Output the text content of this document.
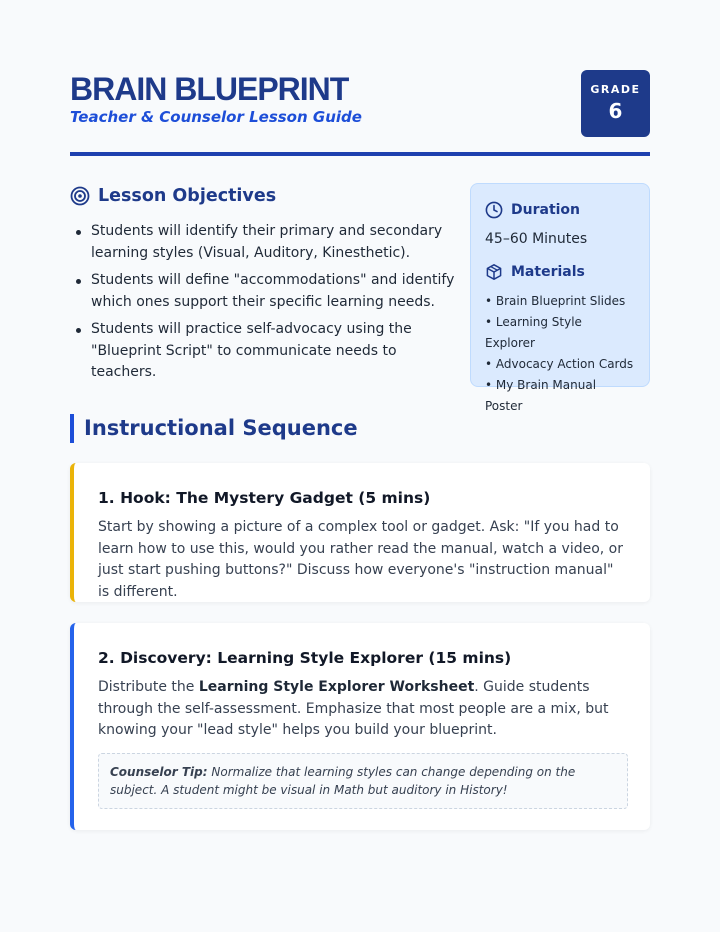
BRAIN BLUEPRINT
Teacher & Counselor Lesson Guide
GRADE
6
Lesson Objectives
Students will identify their primary and secondary learning styles (Visual, Auditory, Kinesthetic).
Students will define "accommodations" and identify which ones support their specific learning needs.
Students will practice self-advocacy using the "Blueprint Script" to communicate needs to teachers.
Duration
45–60 Minutes
Materials
• Brain Blueprint Slides
• Learning Style Explorer
• Advocacy Action Cards
• My Brain Manual Poster
Instructional Sequence
1. Hook: The Mystery Gadget (5 mins)

Start by showing a picture of a complex tool or gadget. Ask: "If you had to learn how to use this, would you rather read the manual, watch a video, or just start pushing buttons?" Discuss how everyone's "instruction manual" is different.

2. Discovery: Learning Style Explorer (15 mins)

Distribute the Learning Style Explorer Worksheet. Guide students through the self-assessment. Emphasize that most people are a mix, but knowing your "lead style" helps you build your blueprint.

Counselor Tip: Normalize that learning styles can change depending on the subject. A student might be visual in Math but auditory in History!
